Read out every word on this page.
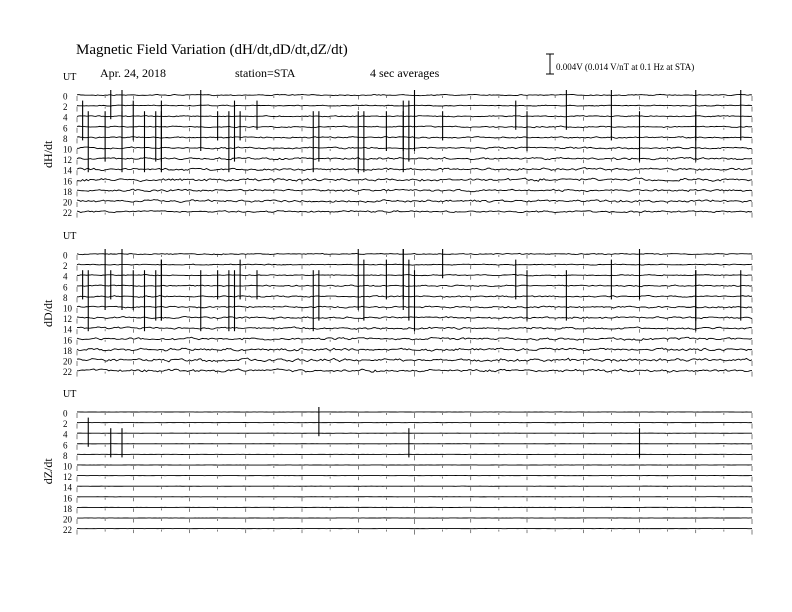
Magnetic Field Variation (dH/dt,dD/dt,dZ/dt)
Apr. 24, 2018	station=STA	4 sec averages	0.004V (0.014 V/nT at 0.1 Hz at STA)
UT
dH/dt
0
2
4
6
8
10
12
14
16
18
20
22
UT
dD/dt
0
2
4
6
8
10
12
14
16
18
20
22
UT
dZ/dt
0
2
4
6
8
10
12
14
16
18
20
22
